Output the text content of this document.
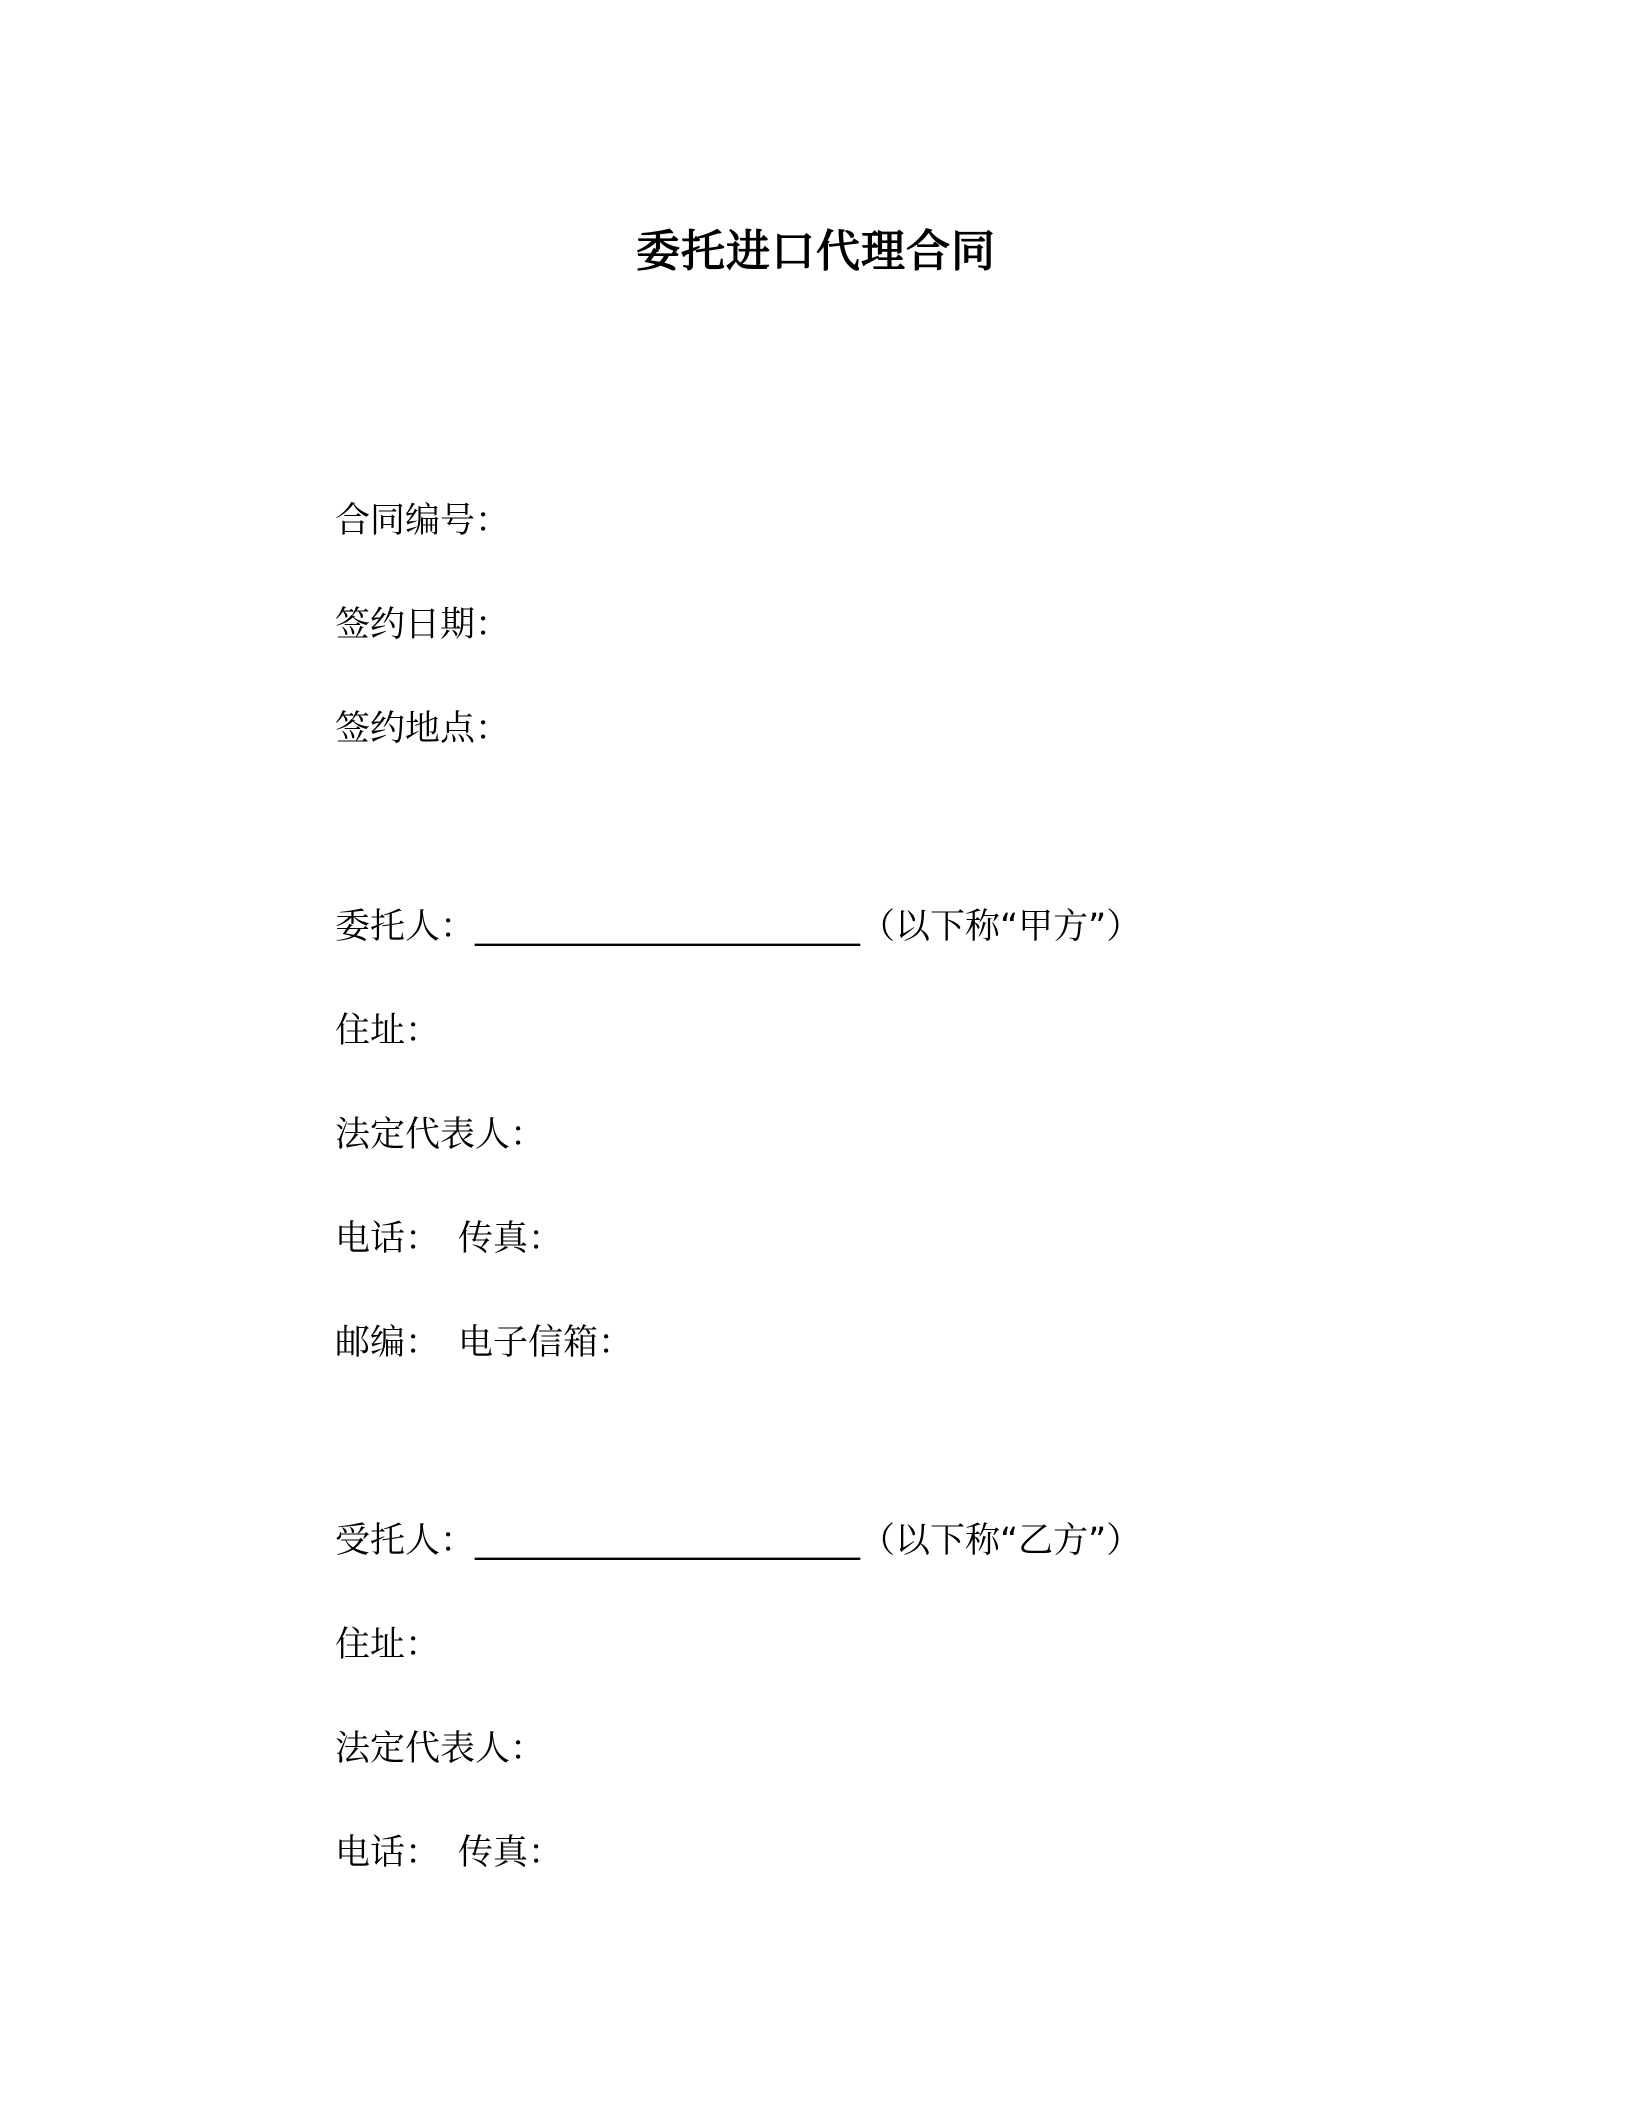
委托进口代理合同
合同编号：
签约日期：
签约地点：
委托人：______________________（以下称“甲方”）
住址：
法定代表人：
电话： 传真：
邮编： 电子信箱：
受托人：______________________（以下称“乙方”）
住址：
法定代表人：
电话： 传真：
